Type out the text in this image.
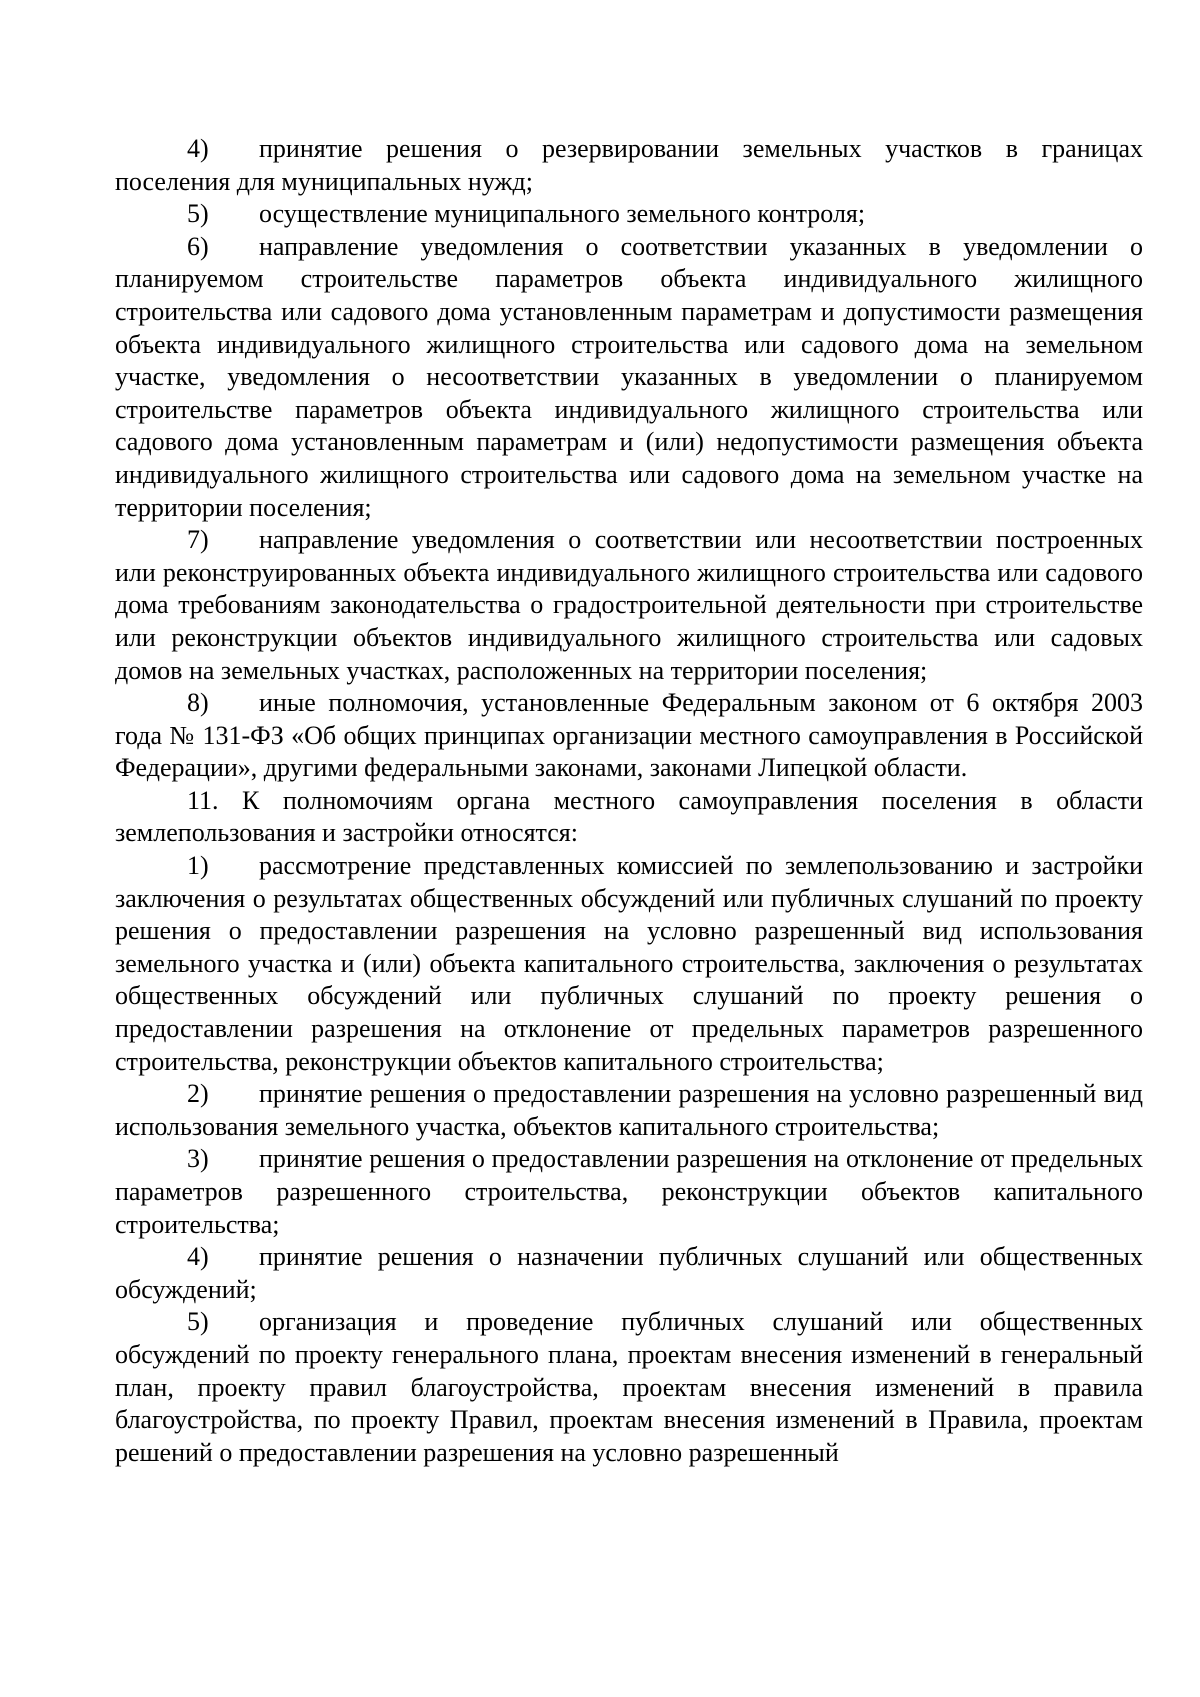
4) принятие решения о резервировании земельных участков в границах поселения для муниципальных нужд;

5) осуществление муниципального земельного контроля;

6) направление уведомления о соответствии указанных в уведомлении о планируемом строительстве параметров объекта индивидуального жилищного строительства или садового дома установленным параметрам и допустимости размещения объекта индивидуального жилищного строительства или садового дома на земельном участке, уведомления о несоответствии указанных в уведомлении о планируемом строительстве параметров объекта индивидуального жилищного строительства или садового дома установленным параметрам и (или) недопустимости размещения объекта индивидуального жилищного строительства или садового дома на земельном участке на территории поселения;

7) направление уведомления о соответствии или несоответствии построенных или реконструированных объекта индивидуального жилищного строительства или садового дома требованиям законодательства о градостроительной деятельности при строительстве или реконструкции объектов индивидуального жилищного строительства или садовых домов на земельных участках, расположенных на территории поселения;

8) иные полномочия, установленные Федеральным законом от 6 октября 2003 года № 131-ФЗ «Об общих принципах организации местного самоуправления в Российской Федерации», другими федеральными законами, законами Липецкой области.

11. К полномочиям органа местного самоуправления поселения в области землепользования и застройки относятся:

1) рассмотрение представленных комиссией по землепользованию и застройки заключения о результатах общественных обсуждений или публичных слушаний по проекту решения о предоставлении разрешения на условно разрешенный вид использования земельного участка и (или) объекта капитального строительства, заключения о результатах общественных обсуждений или публичных слушаний по проекту решения о предоставлении разрешения на отклонение от предельных параметров разрешенного строительства, реконструкции объектов капитального строительства;

2) принятие решения о предоставлении разрешения на условно разрешенный вид использования земельного участка, объектов капитального строительства;

3) принятие решения о предоставлении разрешения на отклонение от предельных параметров разрешенного строительства, реконструкции объектов капитального строительства;

4) принятие решения о назначении публичных слушаний или общественных обсуждений;

5) организация и проведение публичных слушаний или общественных обсуждений по проекту генерального плана, проектам внесения изменений в генеральный план, проекту правил благоустройства, проектам внесения изменений в правила благоустройства, по проекту Правил, проектам внесения изменений в Правила, проектам решений о предоставлении разрешения на условно разрешенный
